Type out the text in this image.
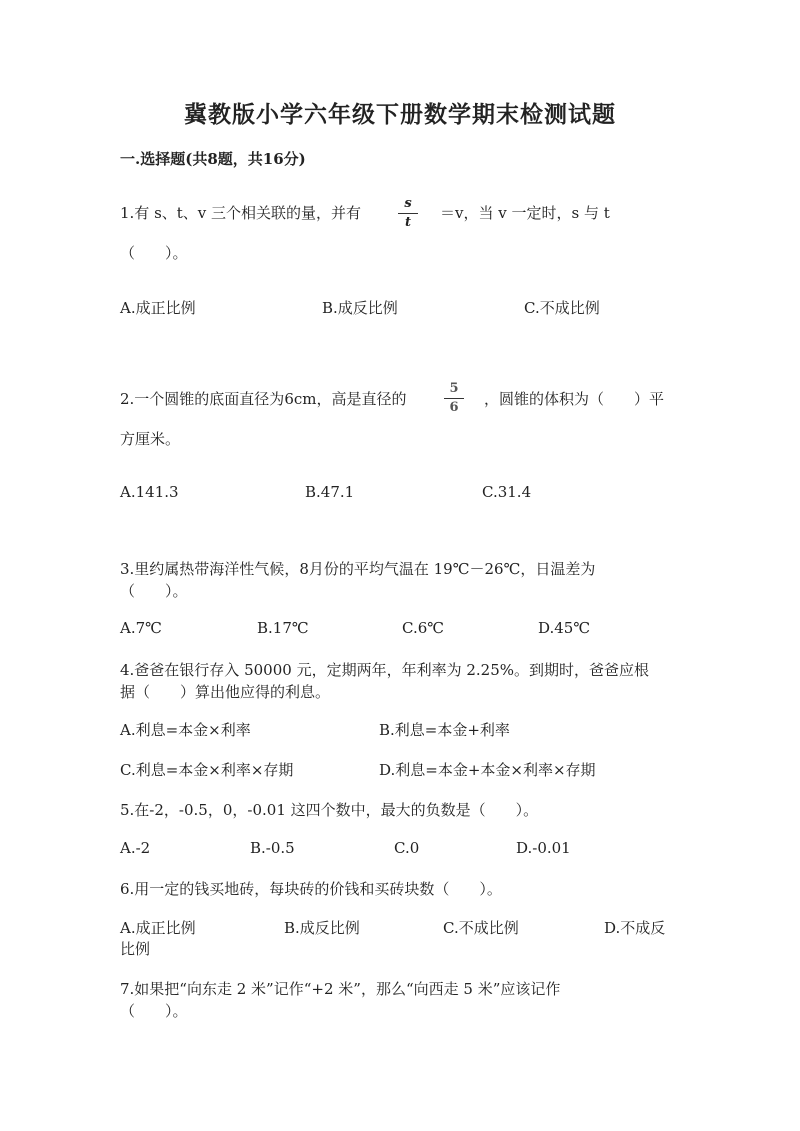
冀教版小学六年级下册数学期末检测试题
一.选择题(共8题，共16分)
1.有 s、t、v 三个相关联的量，并有	$\frac{s}{t} =v$，当 v 一定时，s 与 t
（　　）。
A.成正比例	B.成反比例	C.不成比例
2.一个圆锥的底面直径为6cm，高是直径的	$\frac{5}{6}$ ，圆锥的体积为（　　）平
方厘米。
A.141.3	B.47.1	C.31.4
3.里约属热带海洋性气候，8月份的平均气温在 19℃－26℃，日温差为
（　　）。
A.7℃	B.17℃	C.6℃	D.45℃
4.爸爸在银行存入 50000 元，定期两年，年利率为 2.25%。到期时，爸爸应根
据（　　）算出他应得的利息。
A.利息=本金×利率	B.利息=本金+利率
C.利息=本金×利率×存期	D.利息=本金+本金×利率×存期
5.在-2，-0.5，0，-0.01 这四个数中，最大的负数是（　　）。
A.-2	B.-0.5	C.0	D.-0.01
6.用一定的钱买地砖，每块砖的价钱和买砖块数（　　）。
A.成正比例	B.成反比例	C.不成比例	D.不成反
比例
7.如果把“向东走 2 米”记作“+2 米”，那么“向西走 5 米”应该记作
（　　）。
